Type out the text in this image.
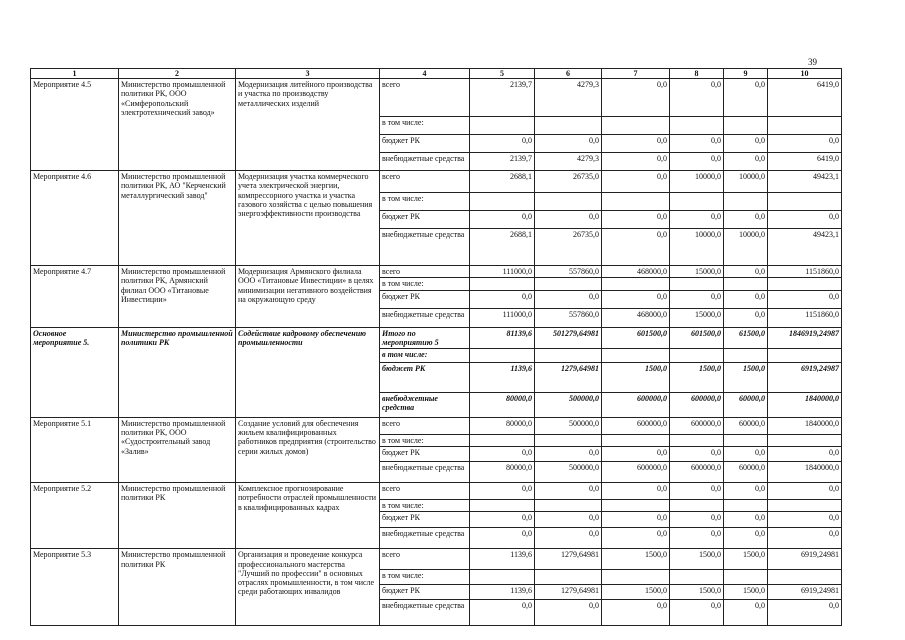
39
1	2	3	4	5	6	7	8	9	10
Мероприятие 4.5	Министерство промышленной политики РК, ООО «Симферопольский электротехнический завод»	Модернизация литейного производства и участка по производству металлических изделий	всего	2139,7	4279,3	0,0	0,0	0,0	6419,0
			в том числе:						
			бюджет РК	0,0	0,0	0,0	0,0	0,0	0,0
			внебюджетные средства	2139,7	4279,3	0,0	0,0	0,0	6419,0
Мероприятие 4.6	Министерство промышленной политики РК, АО "Керченский металлургический завод"	Модернизация участка коммерческого учета электрической энергии, компрессорного участка и участка газового хозяйства с целью повышения энергоэффективности производства	всего	2688,1	26735,0	0,0	10000,0	10000,0	49423,1
			в том числе:						
			бюджет РК	0,0	0,0	0,0	0,0	0,0	0,0
			внебюджетные средства	2688,1	26735,0	0,0	10000,0	10000,0	49423,1
Мероприятие 4.7	Министерство промышленной политики РК, Армянский филиал ООО «Титановые Инвестиции»	Модернизация Армянского филиала ООО «Титановые Инвестиции» в целях минимизации негативного воздействия на окружающую среду	всего	111000,0	557860,0	468000,0	15000,0	0,0	1151860,0
			в том числе:						
			бюджет РК	0,0	0,0	0,0	0,0	0,0	0,0
			внебюджетные средства	111000,0	557860,0	468000,0	15000,0	0,0	1151860,0
Основное мероприятие 5.	Министерство промышленной политики РК	Содействие кадровому обеспечению промышленности	Итого по мероприятию 5	81139,6	501279,64981	601500,0	601500,0	61500,0	1846919,24987
			в том числе:						
			бюджет РК	1139,6	1279,64981	1500,0	1500,0	1500,0	6919,24987
			внебюджетные средства	80000,0	500000,0	600000,0	600000,0	60000,0	1840000,0
Мероприятие 5.1	Министерство промышленной политики РК, ООО «Судостроительный завод «Залив»	Создание условий для обеспечения жильем квалифицированных работников предприятия (строительство серии жилых домов)	всего	80000,0	500000,0	600000,0	600000,0	60000,0	1840000,0
			в том числе:						
			бюджет РК	0,0	0,0	0,0	0,0	0,0	0,0
			внебюджетные средства	80000,0	500000,0	600000,0	600000,0	60000,0	1840000,0
Мероприятие 5.2	Министерство промышленной политики РК	Комплексное прогнозирование потребности отраслей промышленности в квалифицированных кадрах	всего	0,0	0,0	0,0	0,0	0,0	0,0
			в том числе:						
			бюджет РК	0,0	0,0	0,0	0,0	0,0	0,0
			внебюджетные средства	0,0	0,0	0,0	0,0	0,0	0,0
Мероприятие 5.3	Министерство промышленной политики РК	Организация и проведение конкурса профессионального мастерства "Лучший по профессии" в основных отраслях промышленности, в том числе среди работающих инвалидов	всего	1139,6	1279,64981	1500,0	1500,0	1500,0	6919,24981
			в том числе:						
			бюджет РК	1139,6	1279,64981	1500,0	1500,0	1500,0	6919,24981
			внебюджетные средства	0,0	0,0	0,0	0,0	0,0	0,0
